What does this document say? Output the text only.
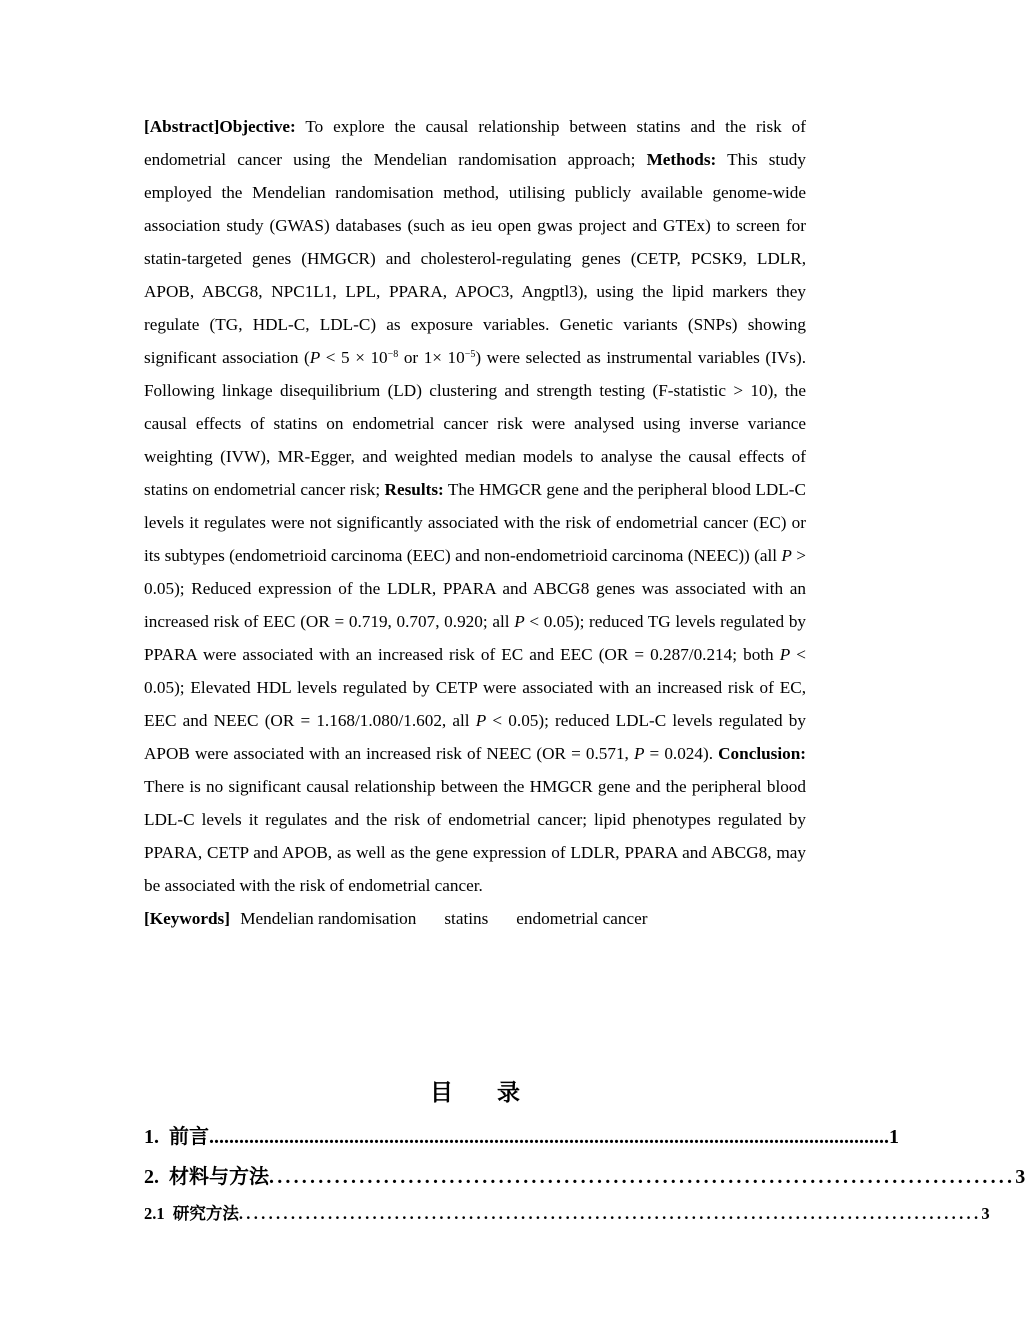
[Abstract]Objective: To explore the causal relationship between statins and the risk of endometrial cancer using the Mendelian randomisation approach; Methods: This study employed the Mendelian randomisation method, utilising publicly available genome-wide association study (GWAS) databases (such as ieu open gwas project and GTEx) to screen for statin-targeted genes (HMGCR) and cholesterol-regulating genes (CETP, PCSK9, LDLR, APOB, ABCG8, NPC1L1, LPL, PPARA, APOC3, Angptl3), using the lipid markers they regulate (TG, HDL-C, LDL-C) as exposure variables. Genetic variants (SNPs) showing significant association ($P < 5 \times 10^{-8}$ or $1\times 10^{-5}$) were selected as instrumental variables (IVs). Following linkage disequilibrium (LD) clustering and strength testing (F-statistic > 10), the causal effects of statins on endometrial cancer risk were analysed using inverse variance weighting (IVW), MR-Egger, and weighted median models to analyse the causal effects of statins on endometrial cancer risk; Results: The HMGCR gene and the peripheral blood LDL-C levels it regulates were not significantly associated with the risk of endometrial cancer (EC) or its subtypes (endometrioid carcinoma (EEC) and non-endometrioid carcinoma (NEEC)) (all P > 0.05); Reduced expression of the LDLR, PPARA and ABCG8 genes was associated with an increased risk of EEC (OR = 0.719, 0.707, 0.920; all P < 0.05); reduced TG levels regulated by PPARA were associated with an increased risk of EC and EEC (OR = 0.287/0.214; both P < 0.05); Elevated HDL levels regulated by CETP were associated with an increased risk of EC, EEC and NEEC (OR = 1.168/1.080/1.602, all P < 0.05); reduced LDL-C levels regulated by APOB were associated with an increased risk of NEEC (OR = 0.571, P = 0.024). Conclusion: There is no significant causal relationship between the HMGCR gene and the peripheral blood LDL-C levels it regulates and the risk of endometrial cancer; lipid phenotypes regulated by PPARA, CETP and APOB, as well as the gene expression of LDLR, PPARA and ABCG8, may be associated with the risk of endometrial cancer.

[Keywords] Mendelian randomisation statins endometrial cancer

目 录
1.
前言 ........................................................................................................................................ 1
2.
材料与方法 ........................................................................................... 3
2.1
研究方法 .................................................................................................... 3
